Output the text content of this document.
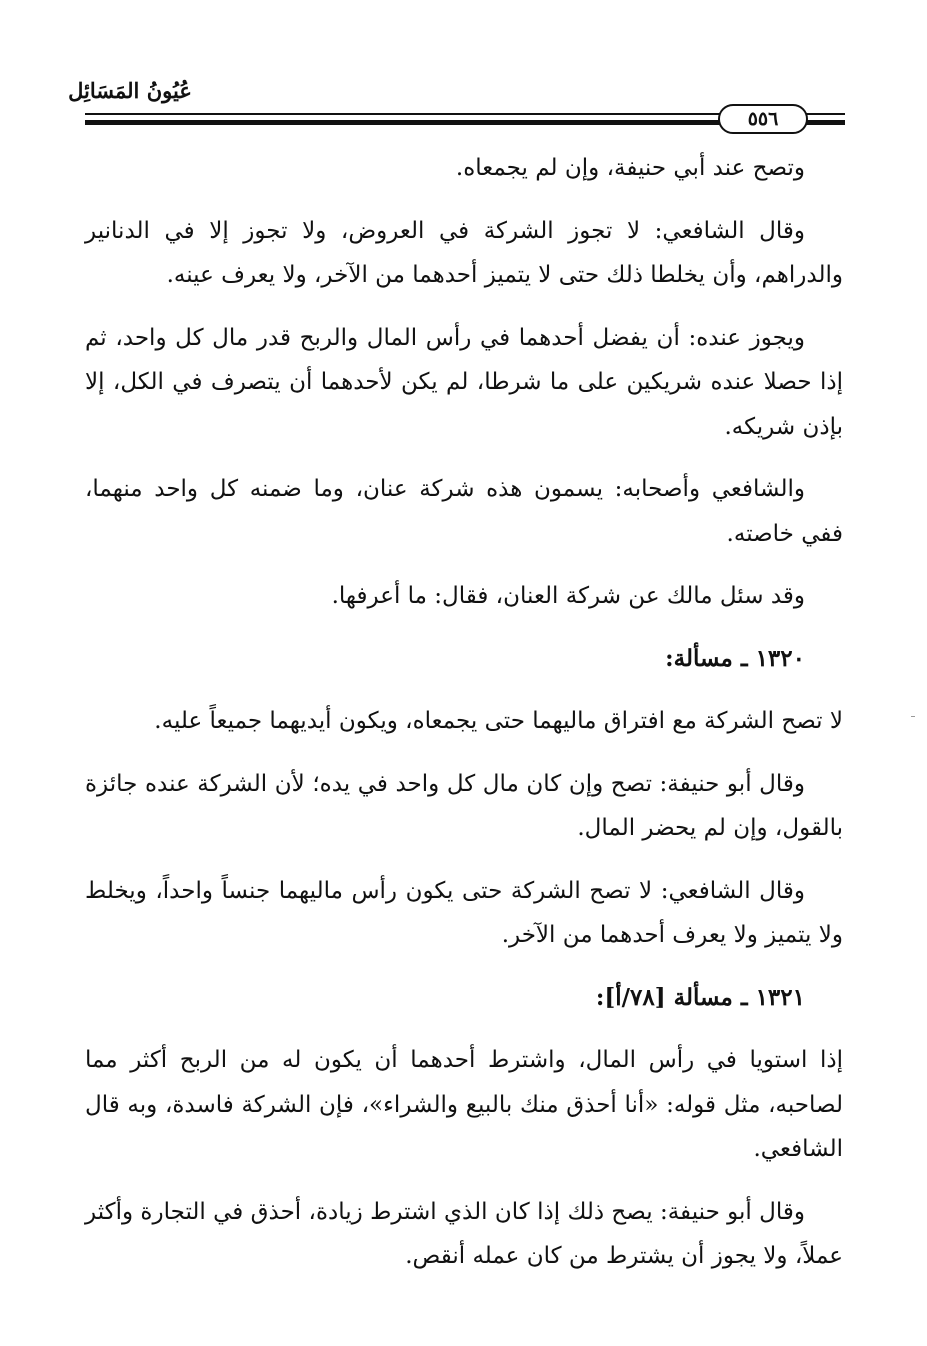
عُيُونُ المَسَائِل
٥٥٦

وتصح عند أبي حنيفة، وإن لم يجمعاه.

وقال الشافعي: لا تجوز الشركة في العروض، ولا تجوز إلا في الدنانير والدراهم، وأن يخلطا ذلك حتى لا يتميز أحدهما من الآخر، ولا يعرف عينه.

ويجوز عنده: أن يفضل أحدهما في رأس المال والربح قدر مال كل واحد، ثم إذا حصلا عنده شريكين على ما شرطا، لم يكن لأحدهما أن يتصرف في الكل، إلا بإذن شريكه.

والشافعي وأصحابه: يسمون هذه شركة عنان، وما ضمنه كل واحد منهما، ففي خاصته.

وقد سئل مالك عن شركة العنان، فقال: ما أعرفها.

١٣٢٠ ـ مسألة:

لا تصح الشركة مع افتراق ماليهما حتى يجمعاه، ويكون أيديهما جميعاً عليه.

وقال أبو حنيفة: تصح وإن كان مال كل واحد في يده؛ لأن الشركة عنده جائزة بالقول، وإن لم يحضر المال.

وقال الشافعي: لا تصح الشركة حتى يكون رأس ماليهما جنساً واحداً، ويخلط ولا يتميز ولا يعرف أحدهما من الآخر.

١٣٢١ ـ مسألة [٧٨/أ]:

إذا استويا في رأس المال، واشترط أحدهما أن يكون له من الربح أكثر مما لصاحبه، مثل قوله: «أنا أحذق منك بالبيع والشراء»، فإن الشركة فاسدة، وبه قال الشافعي.

وقال أبو حنيفة: يصح ذلك إذا كان الذي اشترط زيادة، أحذق في التجارة وأكثر عملاً، ولا يجوز أن يشترط من كان عمله أنقص.
